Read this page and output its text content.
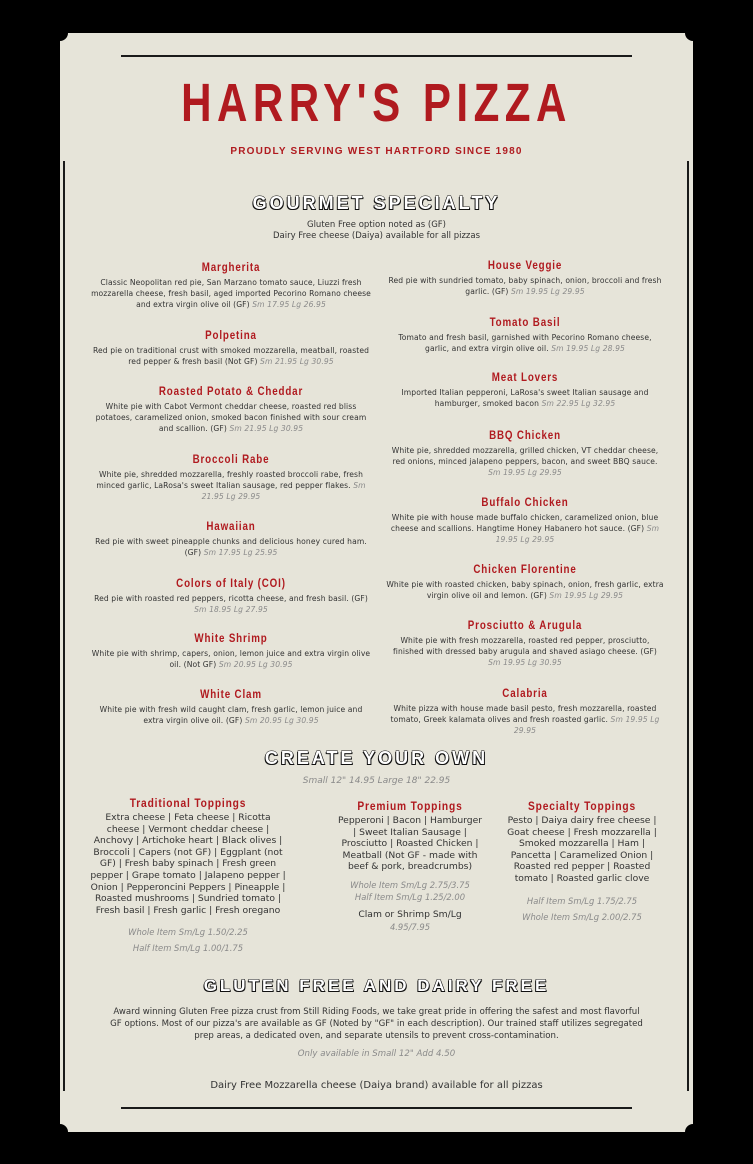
HARRY'S PIZZA
PROUDLY SERVING WEST HARTFORD SINCE 1980
GOURMET SPECIALTY
Gluten Free option noted as (GF)
Dairy Free cheese (Daiya) available for all pizzas
Margherita
Classic Neopolitan red pie, San Marzano tomato sauce, Liuzzi fresh mozzarella cheese, fresh basil, aged imported Pecorino Romano cheese and extra virgin olive oil (GF) Sm 17.95 Lg 26.95
Polpetina
Red pie on traditional crust with smoked mozzarella, meatball, roasted red pepper & fresh basil (Not GF) Sm 21.95 Lg 30.95
Roasted Potato & Cheddar
White pie with Cabot Vermont cheddar cheese, roasted red bliss potatoes, caramelized onion, smoked bacon finished with sour cream and scallion. (GF) Sm 21.95 Lg 30.95
Broccoli Rabe
White pie, shredded mozzarella, freshly roasted broccoli rabe, fresh minced garlic, LaRosa's sweet Italian sausage, red pepper flakes. Sm 21.95 Lg 29.95
Hawaiian
Red pie with sweet pineapple chunks and delicious honey cured ham. (GF) Sm 17.95 Lg 25.95
Colors of Italy (COI)
Red pie with roasted red peppers, ricotta cheese, and fresh basil. (GF) Sm 18.95 Lg 27.95
White Shrimp
White pie with shrimp, capers, onion, lemon juice and extra virgin olive oil. (Not GF) Sm 20.95 Lg 30.95
White Clam
White pie with fresh wild caught clam, fresh garlic, lemon juice and extra virgin olive oil. (GF) Sm 20.95 Lg 30.95
House Veggie
Red pie with sundried tomato, baby spinach, onion, broccoli and fresh garlic. (GF) Sm 19.95 Lg 29.95
Tomato Basil
Tomato and fresh basil, garnished with Pecorino Romano cheese, garlic, and extra virgin olive oil. Sm 19.95 Lg 28.95
Meat Lovers
Imported Italian pepperoni, LaRosa's sweet Italian sausage and hamburger, smoked bacon Sm 22.95 Lg 32.95
BBQ Chicken
White pie, shredded mozzarella, grilled chicken, VT cheddar cheese, red onions, minced jalapeno peppers, bacon, and sweet BBQ sauce. Sm 19.95 Lg 29.95
Buffalo Chicken
White pie with house made buffalo chicken, caramelized onion, blue cheese and scallions. Hangtime Honey Habanero hot sauce. (GF) Sm 19.95 Lg 29.95
Chicken Florentine
White pie with roasted chicken, baby spinach, onion, fresh garlic, extra virgin olive oil and lemon. (GF) Sm 19.95 Lg 29.95
Prosciutto & Arugula
White pie with fresh mozzarella, roasted red pepper, prosciutto, finished with dressed baby arugula and shaved asiago cheese. (GF) Sm 19.95 Lg 30.95
Calabria
White pizza with house made basil pesto, fresh mozzarella, roasted tomato, Greek kalamata olives and fresh roasted garlic. Sm 19.95 Lg 29.95
CREATE YOUR OWN
Small 12" 14.95 Large 18" 22.95
Traditional Toppings
Extra cheese | Feta cheese | Ricotta cheese | Vermont cheddar cheese | Anchovy | Artichoke heart | Black olives | Broccoli | Capers (not GF) | Eggplant (not GF) | Fresh baby spinach | Fresh green pepper | Grape tomato | Jalapeno pepper | Onion | Pepperoncini Peppers | Pineapple | Roasted mushrooms | Sundried tomato | Fresh basil | Fresh garlic | Fresh oregano
Whole Item Sm/Lg 1.50/2.25
Half Item Sm/Lg 1.00/1.75
Premium Toppings
Pepperoni | Bacon | Hamburger | Sweet Italian Sausage | Prosciutto | Roasted Chicken | Meatball (Not GF - made with beef & pork, breadcrumbs)
Whole Item Sm/Lg 2.75/3.75
Half Item Sm/Lg 1.25/2.00
Clam or Shrimp Sm/Lg
4.95/7.95
Specialty Toppings
Pesto | Daiya dairy free cheese | Goat cheese | Fresh mozzarella | Smoked mozzarella | Ham | Pancetta | Caramelized Onion | Roasted red pepper | Roasted tomato | Roasted garlic clove
Half Item Sm/Lg 1.75/2.75
Whole Item Sm/Lg 2.00/2.75
GLUTEN FREE AND DAIRY FREE
Award winning Gluten Free pizza crust from Still Riding Foods, we take great pride in offering the safest and most flavorful GF options. Most of our pizza's are available as GF (Noted by "GF" in each description). Our trained staff utilizes segregated prep areas, a dedicated oven, and separate utensils to prevent cross-contamination.
Only available in Small 12" Add 4.50
Dairy Free Mozzarella cheese (Daiya brand) available for all pizzas
